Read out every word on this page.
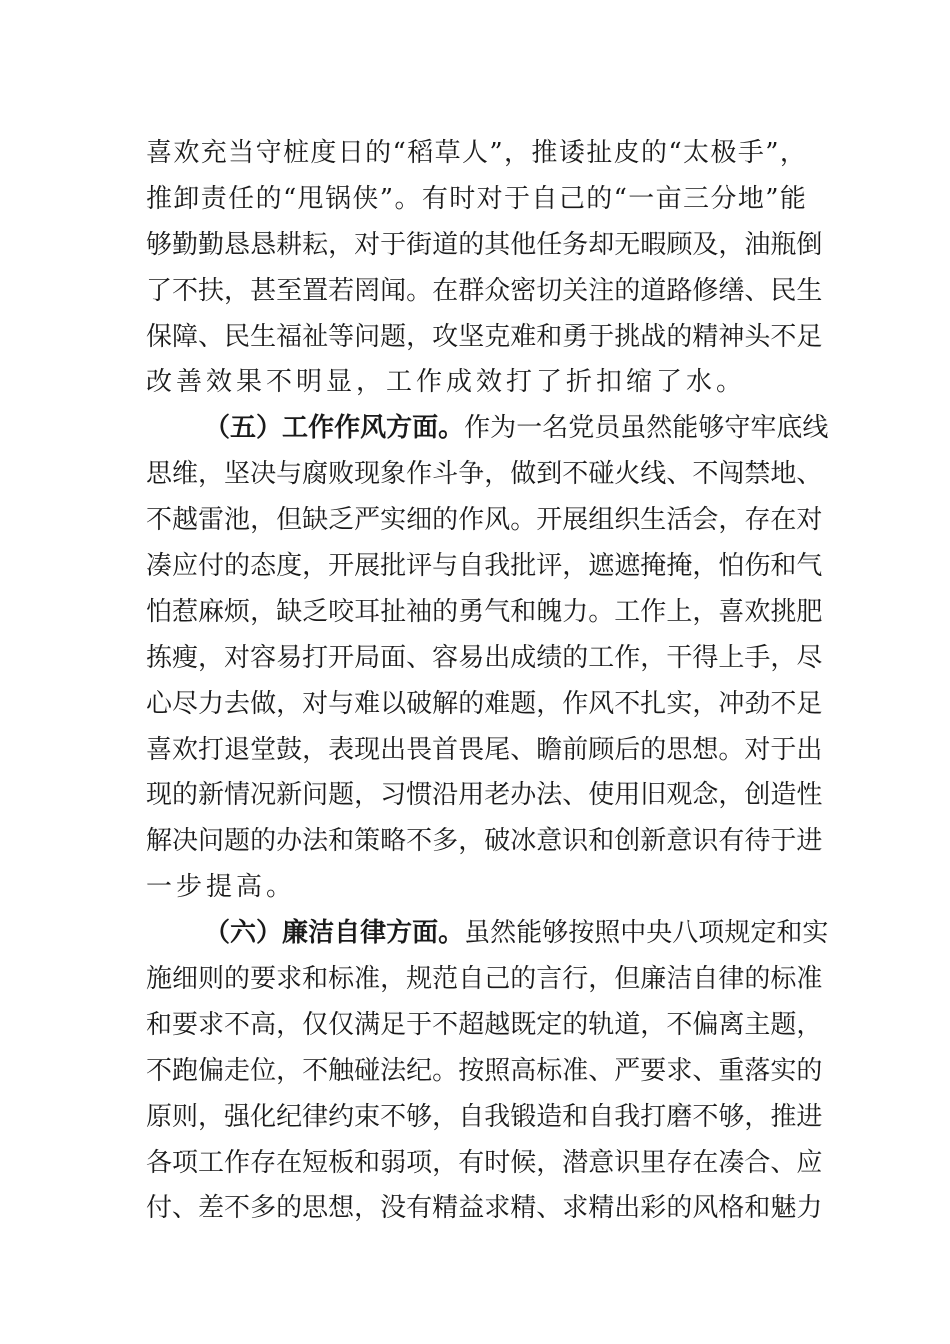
喜 欢 充 当 守 桩 度 日 的 “ 稻 草 人 ” ， 推 诿 扯 皮 的 “ 太 极 手 ” ，
推 卸 责 任 的 “ 甩 锅 侠 ” 。 有 时 对 于 自 己 的 “ 一 亩 三 分 地 ” 能
够 勤 勤 恳 恳 耕 耘 ， 对 于 街 道 的 其 他 任 务 却 无 暇 顾 及 ， 油 瓶 倒
了 不 扶 ， 甚 至 置 若 罔 闻 。 在 群 众 密 切 关 注 的 道 路 修 缮 、 民 生
保 障 、 民 生 福 祉 等 问 题 ， 攻 坚 克 难 和 勇 于 挑 战 的 精 神 头 不 足
改善效果不明显，工作成效打了折扣缩了水。
（ 五 ） 工 作 作 风 方 面 。 作 为 一 名 党 员 虽 然 能 够 守 牢 底 线
思 维 ， 坚 决 与 腐 败 现 象 作 斗 争 ， 做 到 不 碰 火 线 、 不 闯 禁 地 、
不 越 雷 池 ， 但 缺 乏 严 实 细 的 作 风 。 开 展 组 织 生 活 会 ， 存 在 对
凑 应 付 的 态 度 ， 开 展 批 评 与 自 我 批 评 ， 遮 遮 掩 掩 ， 怕 伤 和 气
怕 惹 麻 烦 ， 缺 乏 咬 耳 扯 袖 的 勇 气 和 魄 力 。 工 作 上 ， 喜 欢 挑 肥
拣 瘦 ， 对 容 易 打 开 局 面 、 容 易 出 成 绩 的 工 作 ， 干 得 上 手 ， 尽
心 尽 力 去 做 ， 对 与 难 以 破 解 的 难 题 ， 作 风 不 扎 实 ， 冲 劲 不 足
喜 欢 打 退 堂 鼓 ， 表 现 出 畏 首 畏 尾 、 瞻 前 顾 后 的 思 想 。 对 于 出
现 的 新 情 况 新 问 题 ， 习 惯 沿 用 老 办 法 、 使 用 旧 观 念 ， 创 造 性
解 决 问 题 的 办 法 和 策 略 不 多 ， 破 冰 意 识 和 创 新 意 识 有 待 于 进
一步提高。
（ 六 ） 廉 洁 自 律 方 面 。 虽 然 能 够 按 照 中 央 八 项 规 定 和 实
施 细 则 的 要 求 和 标 准 ， 规 范 自 己 的 言 行 ， 但 廉 洁 自 律 的 标 准
和 要 求 不 高 ， 仅 仅 满 足 于 不 超 越 既 定 的 轨 道 ， 不 偏 离 主 题 ，
不 跑 偏 走 位 ， 不 触 碰 法 纪 。 按 照 高 标 准 、 严 要 求 、 重 落 实 的
原 则 ， 强 化 纪 律 约 束 不 够 ， 自 我 锻 造 和 自 我 打 磨 不 够 ， 推 进
各 项 工 作 存 在 短 板 和 弱 项 ， 有 时 候 ， 潜 意 识 里 存 在 凑 合 、 应
付 、 差 不 多 的 思 想 ， 没 有 精 益 求 精 、 求 精 出 彩 的 风 格 和 魅 力
